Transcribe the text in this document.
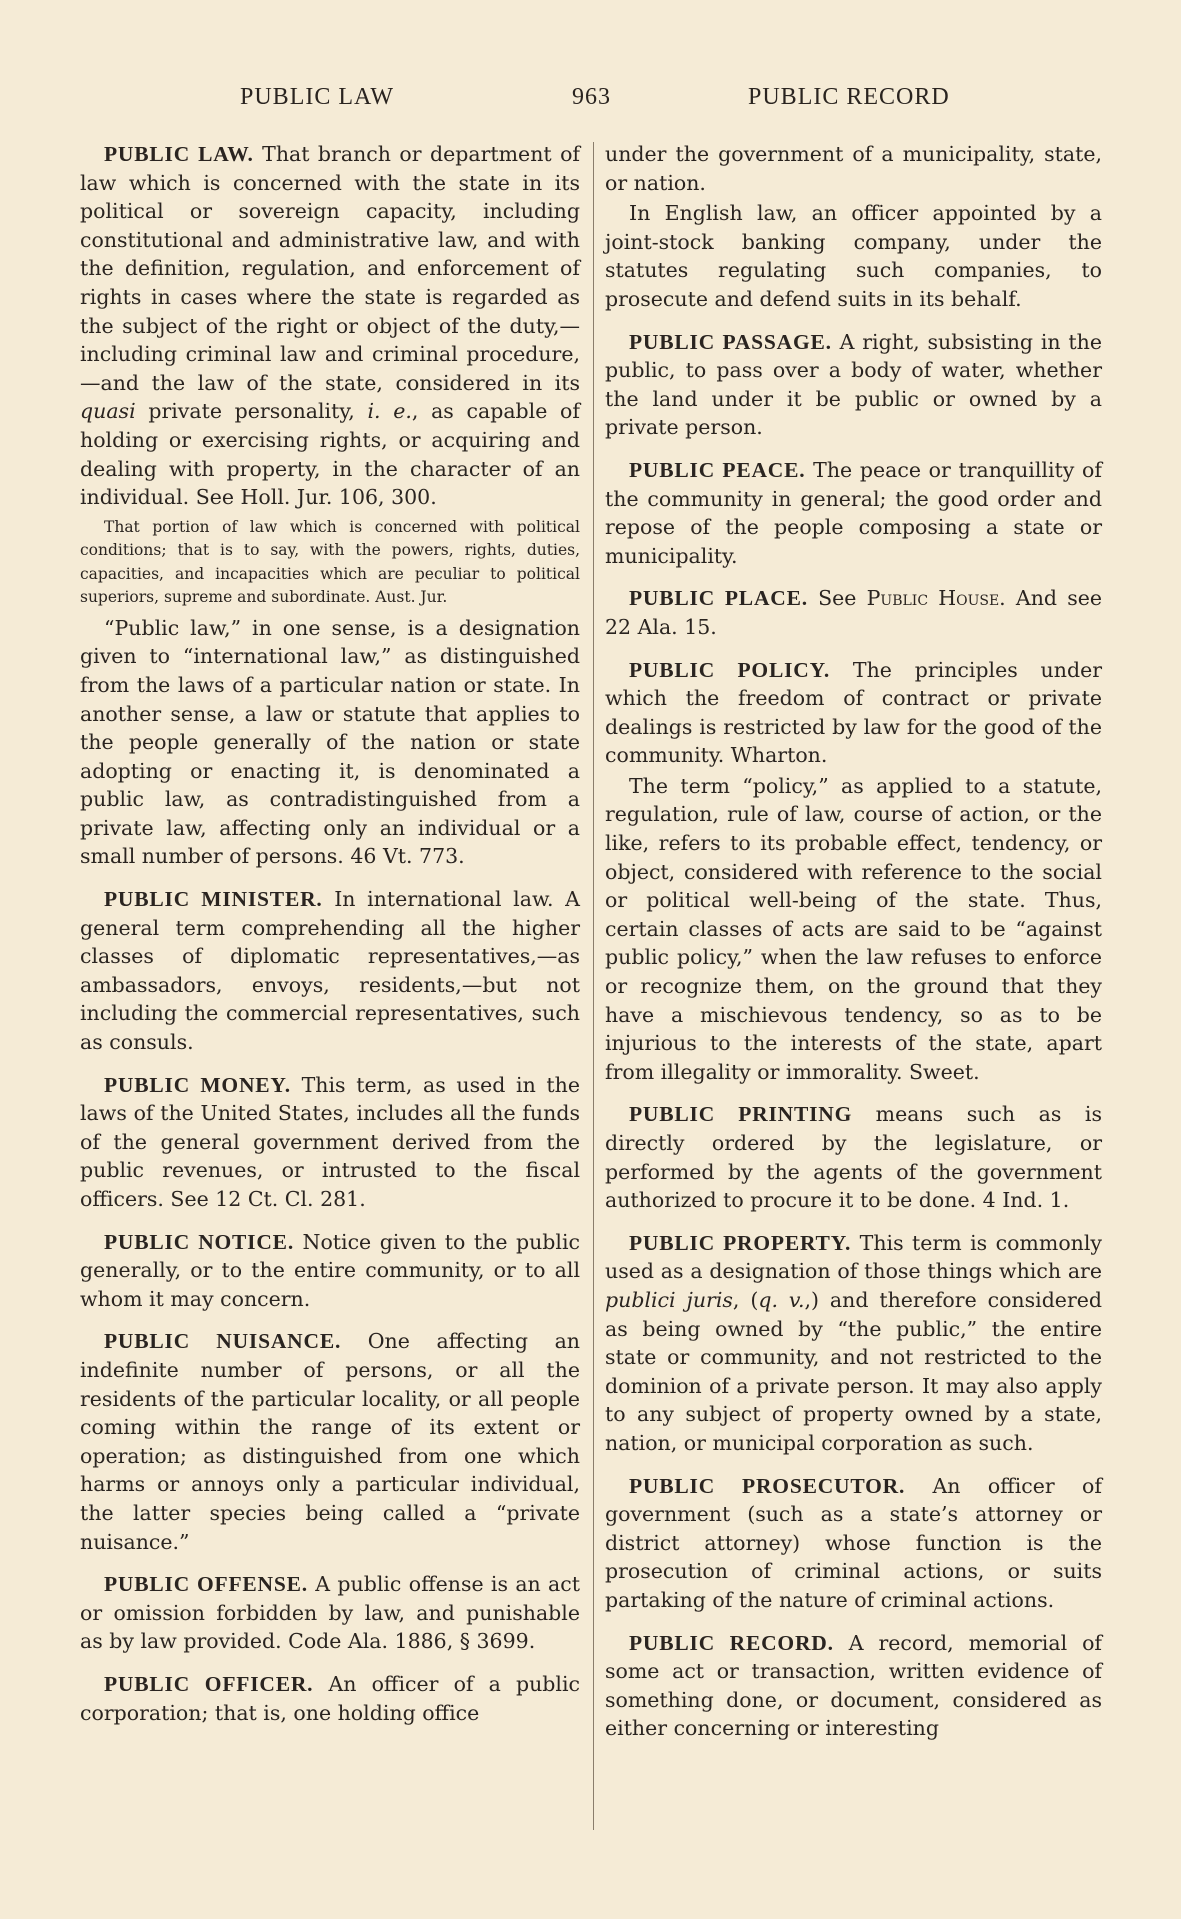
PUBLIC LAW	963	PUBLIC RECORD
PUBLIC LAW. That branch or department of law which is concerned with the state in its political or sovereign capacity, including constitutional and administrative law, and with the definition, regulation, and enforcement of rights in cases where the state is regarded as the subject of the right or object of the duty,—including criminal law and criminal procedure,—and the law of the state, considered in its quasi private personality, i. e., as capable of holding or exercising rights, or acquiring and dealing with property, in the character of an individual. See Holl. Jur. 106, 300.

That portion of law which is concerned with political conditions; that is to say, with the powers, rights, duties, capacities, and incapacities which are peculiar to political superiors, supreme and subordinate. Aust. Jur.

“Public law,” in one sense, is a designation given to “international law,” as distinguished from the laws of a particular nation or state. In another sense, a law or statute that applies to the people generally of the nation or state adopting or enacting it, is denominated a public law, as contradistinguished from a private law, affecting only an individual or a small number of persons. 46 Vt. 773.

PUBLIC MINISTER. In international law. A general term comprehending all the higher classes of diplomatic representatives,—as ambassadors, envoys, residents,—but not including the commercial representatives, such as consuls.
PUBLIC MONEY. This term, as used in the laws of the United States, includes all the funds of the general government derived from the public revenues, or intrusted to the fiscal officers. See 12 Ct. Cl. 281.
PUBLIC NOTICE. Notice given to the public generally, or to the entire community, or to all whom it may concern.
PUBLIC NUISANCE. One affecting an indefinite number of persons, or all the residents of the particular locality, or all people coming within the range of its extent or operation; as distinguished from one which harms or annoys only a particular individual, the latter species being called a “private nuisance.”
PUBLIC OFFENSE. A public offense is an act or omission forbidden by law, and punishable as by law provided. Code Ala. 1886, § 3699.
PUBLIC OFFICER. An officer of a public corporation; that is, one holding office

under the government of a municipality, state, or nation.

In English law, an officer appointed by a joint-stock banking company, under the statutes regulating such companies, to prosecute and defend suits in its behalf.

PUBLIC PASSAGE. A right, subsisting in the public, to pass over a body of water, whether the land under it be public or owned by a private person.
PUBLIC PEACE. The peace or tranquillity of the community in general; the good order and repose of the people composing a state or municipality.
PUBLIC PLACE. See Public House. And see 22 Ala. 15.
PUBLIC POLICY. The principles under which the freedom of contract or private dealings is restricted by law for the good of the community. Wharton.

The term “policy,” as applied to a statute, regulation, rule of law, course of action, or the like, refers to its probable effect, tendency, or object, considered with reference to the social or political well-being of the state. Thus, certain classes of acts are said to be “against public policy,” when the law refuses to enforce or recognize them, on the ground that they have a mischievous tendency, so as to be injurious to the interests of the state, apart from illegality or immorality. Sweet.

PUBLIC PRINTING means such as is directly ordered by the legislature, or performed by the agents of the government authorized to procure it to be done. 4 Ind. 1.
PUBLIC PROPERTY. This term is commonly used as a designation of those things which are publici juris, (q. v.,) and therefore considered as being owned by “the public,” the entire state or community, and not restricted to the dominion of a private person. It may also apply to any subject of property owned by a state, nation, or municipal corporation as such.
PUBLIC PROSECUTOR. An officer of government (such as a state’s attorney or district attorney) whose function is the prosecution of criminal actions, or suits partaking of the nature of criminal actions.
PUBLIC RECORD. A record, memorial of some act or transaction, written evidence of something done, or document, considered as either concerning or interesting
